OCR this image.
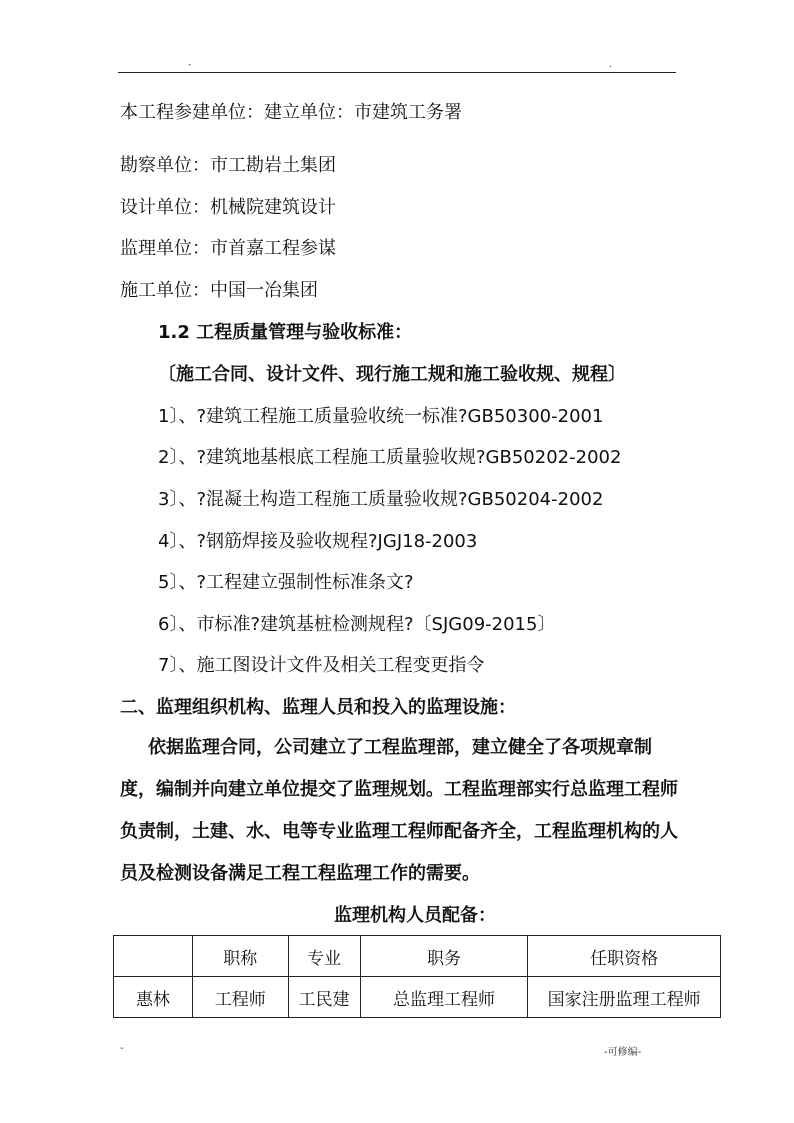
-	.
本工程参建单位：建立单位：市建筑工务署
勘察单位：市工勘岩土集团
设计单位：机械院建筑设计
监理单位：市首嘉工程参谋
施工单位：中国一冶集团
1.2 工程质量管理与验收标准：
〔施工合同、设计文件、现行施工规和施工验收规、规程〕
1〕、?建筑工程施工质量验收统一标准?GB50300-2001
2〕、?建筑地基根底工程施工质量验收规?GB50202-2002
3〕、?混凝土构造工程施工质量验收规?GB50204-2002
4〕、?钢筋焊接及验收规程?JGJ18-2003
5〕、?工程建立强制性标准条文?
6〕、市标准?建筑基桩检测规程?〔SJG09-2015〕
7〕、施工图设计文件及相关工程变更指令
二、监理组织机构、监理人员和投入的监理设施：
依据监理合同，公司建立了工程监理部，建立健全了各项规章制度，编制并向建立单位提交了监理规划。工程监理部实行总监理工程师负责制，土建、水、电等专业监理工程师配备齐全，工程监理机构的人员及检测设备满足工程工程监理工作的需要。
监理机构人员配备：
	职称	专业	职务	任职资格
惠林	工程师	工民建	总监理工程师	国家注册监理工程师
-	-可修编-
